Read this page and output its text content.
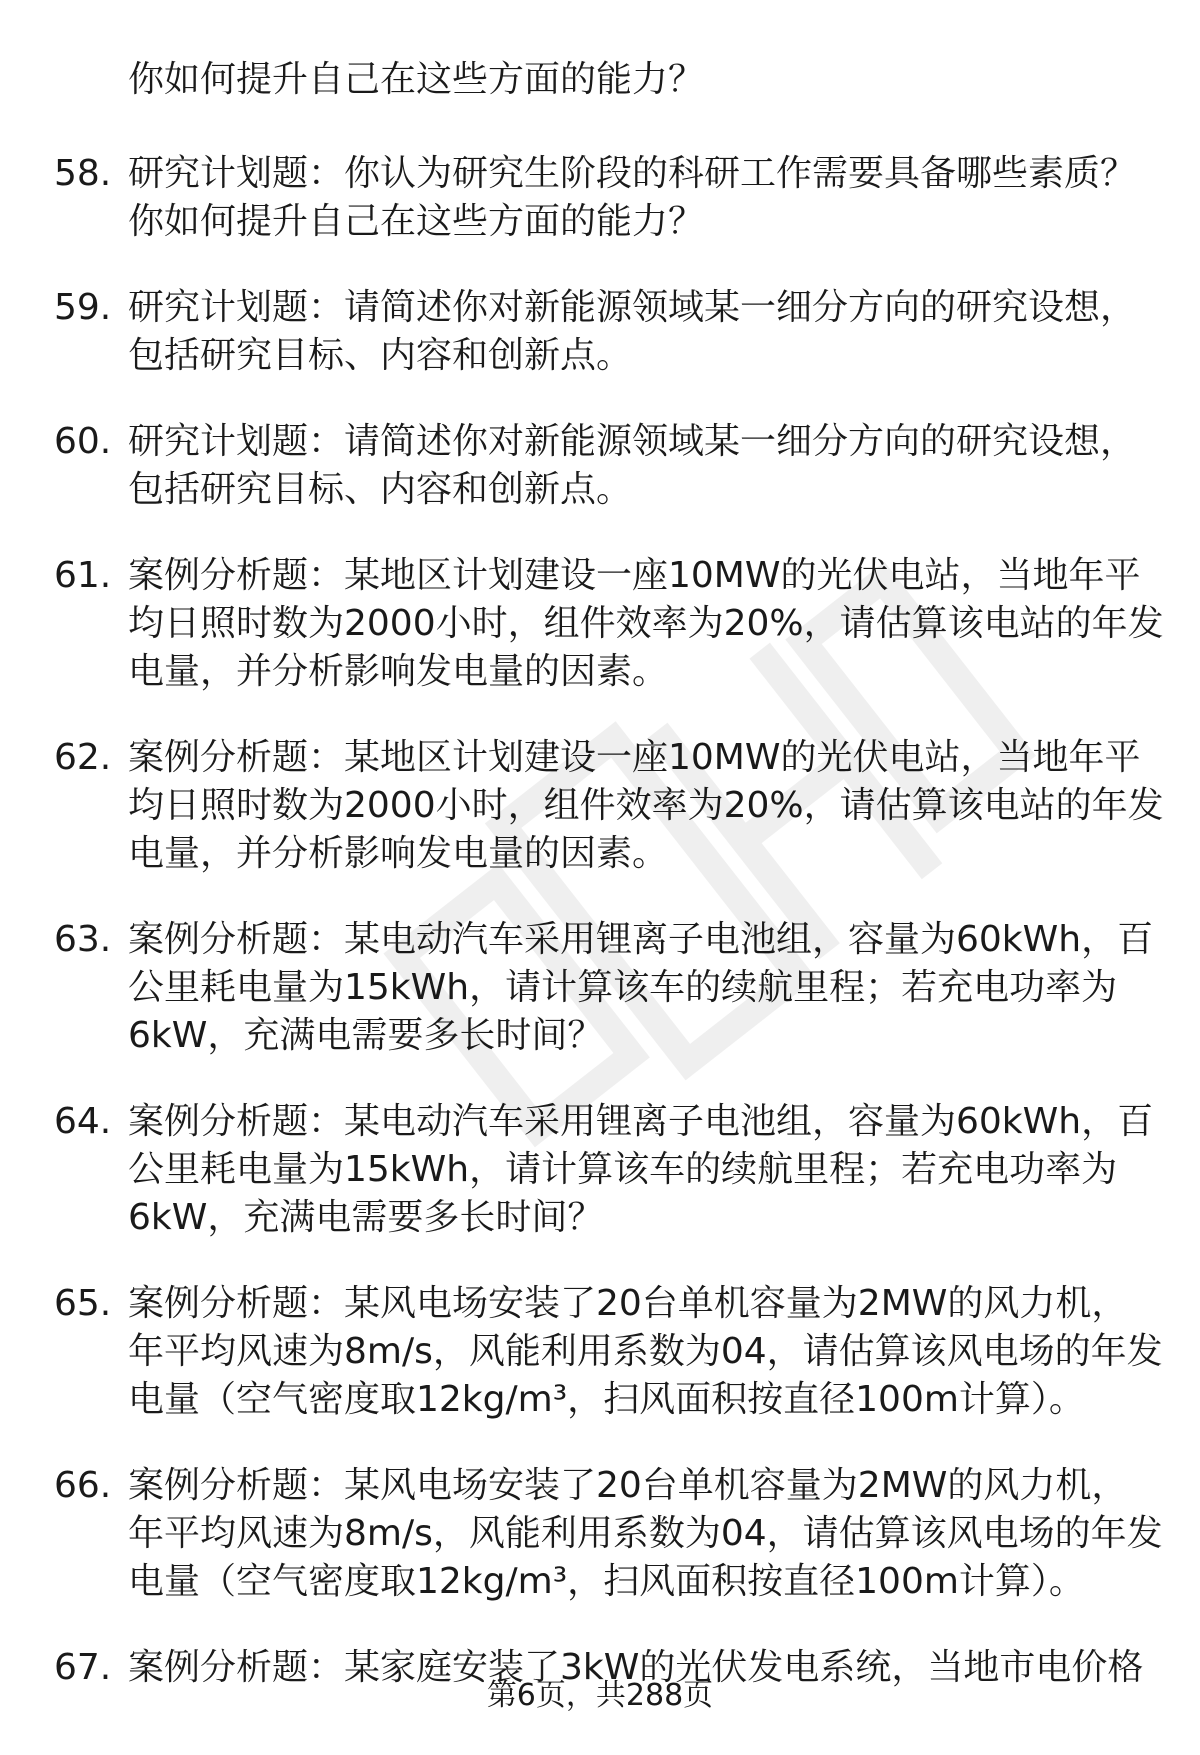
你如何提升自己在这些方面的能力？

58. 研究计划题：你认为研究生阶段的科研工作需要具备哪些素质？
你如何提升自己在这些方面的能力？
59. 研究计划题：请简述你对新能源领域某一细分方向的研究设想，
包括研究目标、内容和创新点。
60. 研究计划题：请简述你对新能源领域某一细分方向的研究设想，
包括研究目标、内容和创新点。
61. 案例分析题：某地区计划建设一座10MW的光伏电站，当地年平
均日照时数为2000小时，组件效率为20%，请估算该电站的年发
电量，并分析影响发电量的因素。
62. 案例分析题：某地区计划建设一座10MW的光伏电站，当地年平
均日照时数为2000小时，组件效率为20%，请估算该电站的年发
电量，并分析影响发电量的因素。
63. 案例分析题：某电动汽车采用锂离子电池组，容量为60kWh，百
公里耗电量为15kWh，请计算该车的续航里程；若充电功率为
6kW，充满电需要多长时间？
64. 案例分析题：某电动汽车采用锂离子电池组，容量为60kWh，百
公里耗电量为15kWh，请计算该车的续航里程；若充电功率为
6kW，充满电需要多长时间？
65. 案例分析题：某风电场安装了20台单机容量为2MW的风力机，
年平均风速为8m/s，风能利用系数为04，请估算该风电场的年发
电量（空气密度取12kg/m³，扫风面积按直径100m计算）。
66. 案例分析题：某风电场安装了20台单机容量为2MW的风力机，
年平均风速为8m/s，风能利用系数为04，请估算该风电场的年发
电量（空气密度取12kg/m³，扫风面积按直径100m计算）。
67. 案例分析题：某家庭安装了3kW的光伏发电系统，当地市电价格
第6页，共288页
